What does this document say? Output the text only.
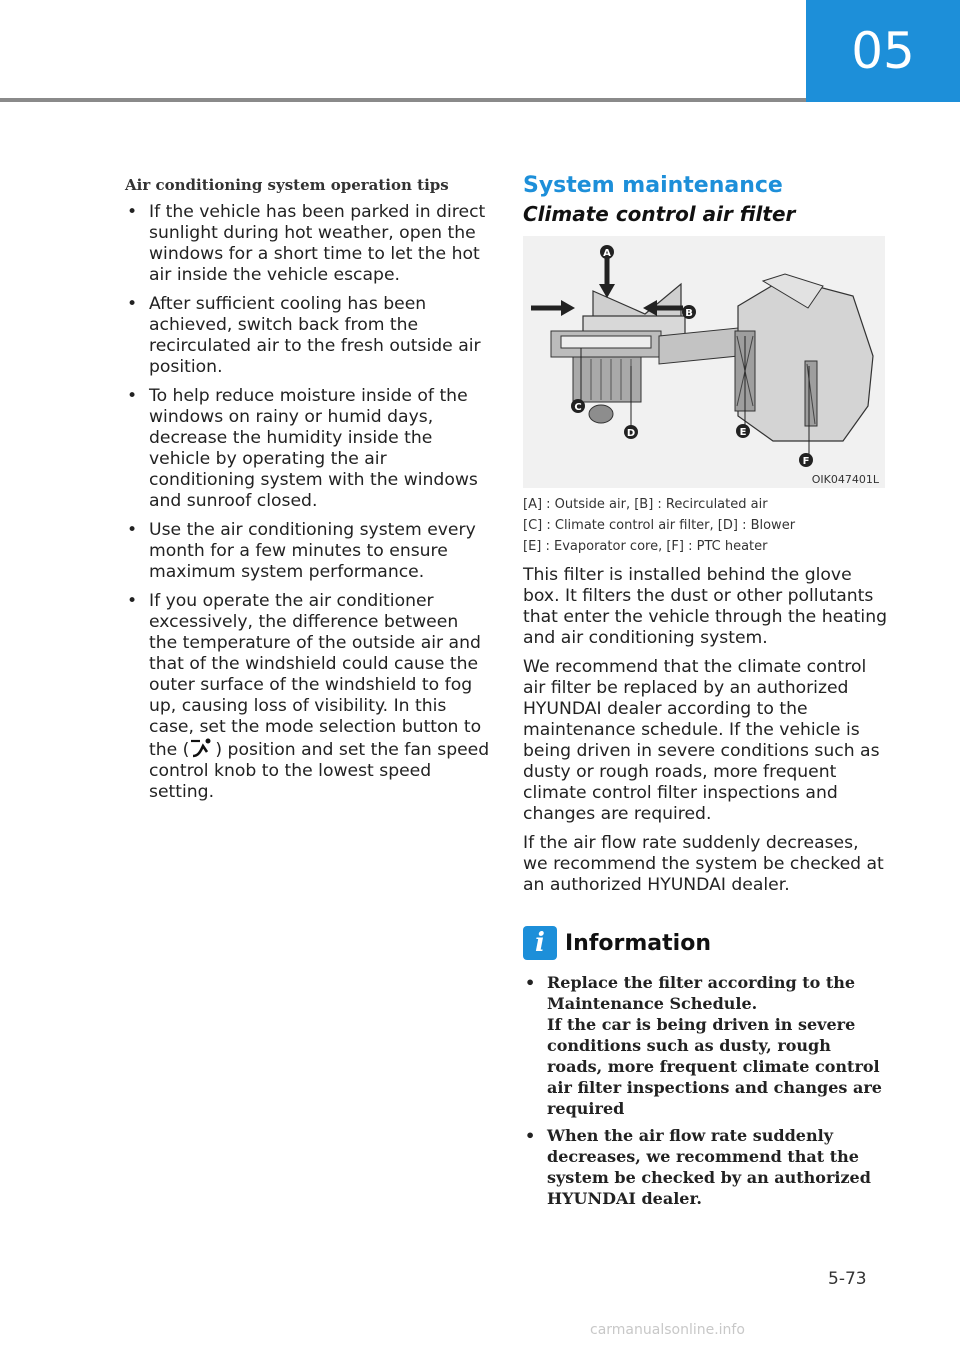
05
Air conditioning system operation tips
• If the vehicle has been parked in direct sunlight during hot weather, open the windows for a short time to let the hot air inside the vehicle escape.
• After sufficient cooling has been achieved, switch back from the recirculated air to the fresh outside air position.
• To help reduce moisture inside of the windows on rainy or humid days, decrease the humidity inside the vehicle by operating the air conditioning system with the windows and sunroof closed.
• Use the air conditioning system every month for a few minutes to ensure maximum system performance.
• If you operate the air conditioner excessively, the difference between the temperature of the outside air and that of the windshield could cause the outer surface of the windshield to fog up, causing loss of visibility. In this case, set the mode selection button to the ( ) position and set the fan speed control knob to the lowest speed setting.
System maintenance
Climate control air filter
A
B
C
D	E
F
OIK047401L
[A] : Outside air, [B] : Recirculated air
[C] : Climate control air filter, [D] : Blower
[E] : Evaporator core, [F] : PTC heater

This filter is installed behind the glove box. It filters the dust or other pollutants that enter the vehicle through the heating and air conditioning system.

We recommend that the climate control air filter be replaced by an authorized HYUNDAI dealer according to the maintenance schedule. If the vehicle is being driven in severe conditions such as dusty or rough roads, more frequent climate control filter inspections and changes are required.

If the air flow rate suddenly decreases, we recommend the system be checked at an authorized HYUNDAI dealer.

i Information
• Replace the filter according to the Maintenance Schedule.
If the car is being driven in severe conditions such as dusty, rough roads, more frequent climate control air filter inspections and changes are required
• When the air flow rate suddenly decreases, we recommend that the system be checked by an authorized HYUNDAI dealer.
5-73
carmanualsonline.info
